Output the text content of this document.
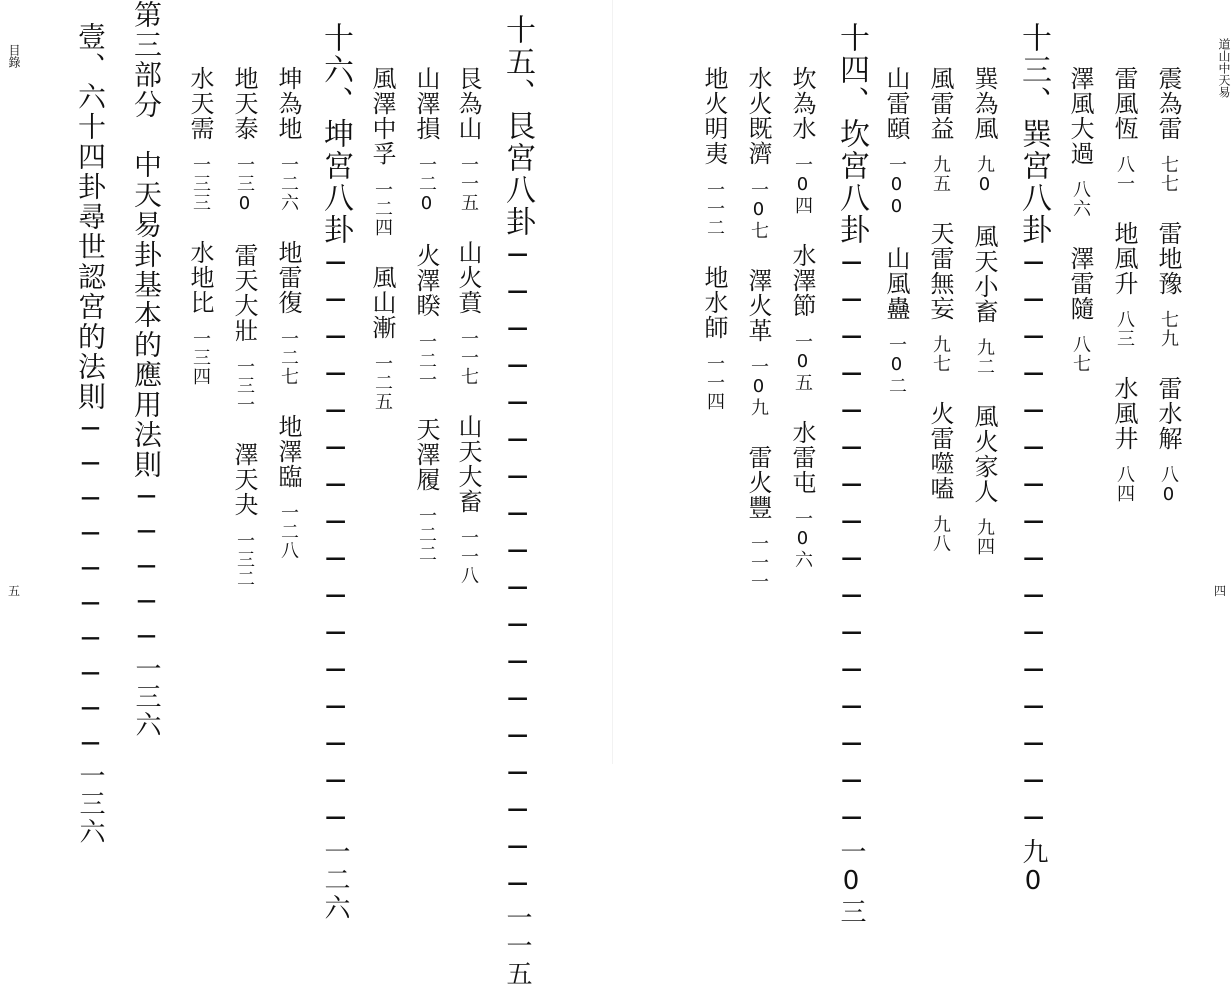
目錄
五
十五、艮宮八卦──────────────────一一五
艮為山一一五山火賁一一七山天大畜一一八
山澤損一二0火澤睽一二一天澤履一二二
風澤中孚一二四風山漸一二五
十六、坤宮八卦────────────────一二六
坤為地一二六地雷復一二七地澤臨一二八
地天泰一三0雷天大壯一三一澤天夬一三二
水天需一三三水地比一三四
第三部分　中天易卦基本的應用法則─────一三六
壹、六十四卦尋世認宮的法則──────────一三六
道山中天易
四
震為雷七七雷地豫七九雷水解八0
雷風恆八一地風升八三水風井八四
澤風大過八六澤雷隨八七
十三、巽宮八卦────────────────九0
巽為風九0風天小畜九二風火家人九四
風雷益九五天雷無妄九七火雷噬嗑九八
山雷頤一00山風蠱一0二
十四、坎宮八卦────────────────一0三
坎為水一0四水澤節一0五水雷屯一0六
水火既濟一0七澤火革一0九雷火豐一一一
地火明夷一一二地水師一一四
